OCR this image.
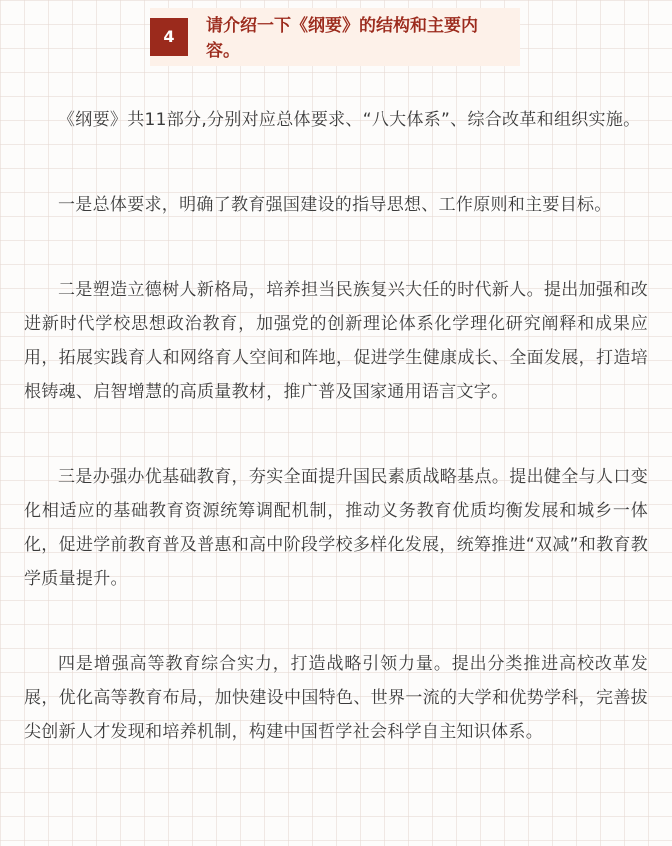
4
请介绍一下《纲要》的结构和主要内容。

《纲要》共11部分,分别对应总体要求、“八大体系”、综合改革和组织实施。

一是总体要求，明确了教育强国建设的指导思想、工作原则和主要目标。

二是塑造立德树人新格局，培养担当民族复兴大任的时代新人。提出加强和改进新时代学校思想政治教育，加强党的创新理论体系化学理化研究阐释和成果应用，拓展实践育人和网络育人空间和阵地，促进学生健康成长、全面发展，打造培根铸魂、启智增慧的高质量教材，推广普及国家通用语言文字。

三是办强办优基础教育，夯实全面提升国民素质战略基点。提出健全与人口变化相适应的基础教育资源统筹调配机制，推动义务教育优质均衡发展和城乡一体化，促进学前教育普及普惠和高中阶段学校多样化发展，统筹推进“双减”和教育教学质量提升。

四是增强高等教育综合实力，打造战略引领力量。提出分类推进高校改革发展，优化高等教育布局，加快建设中国特色、世界一流的大学和优势学科，完善拔尖创新人才发现和培养机制，构建中国哲学社会科学自主知识体系。
